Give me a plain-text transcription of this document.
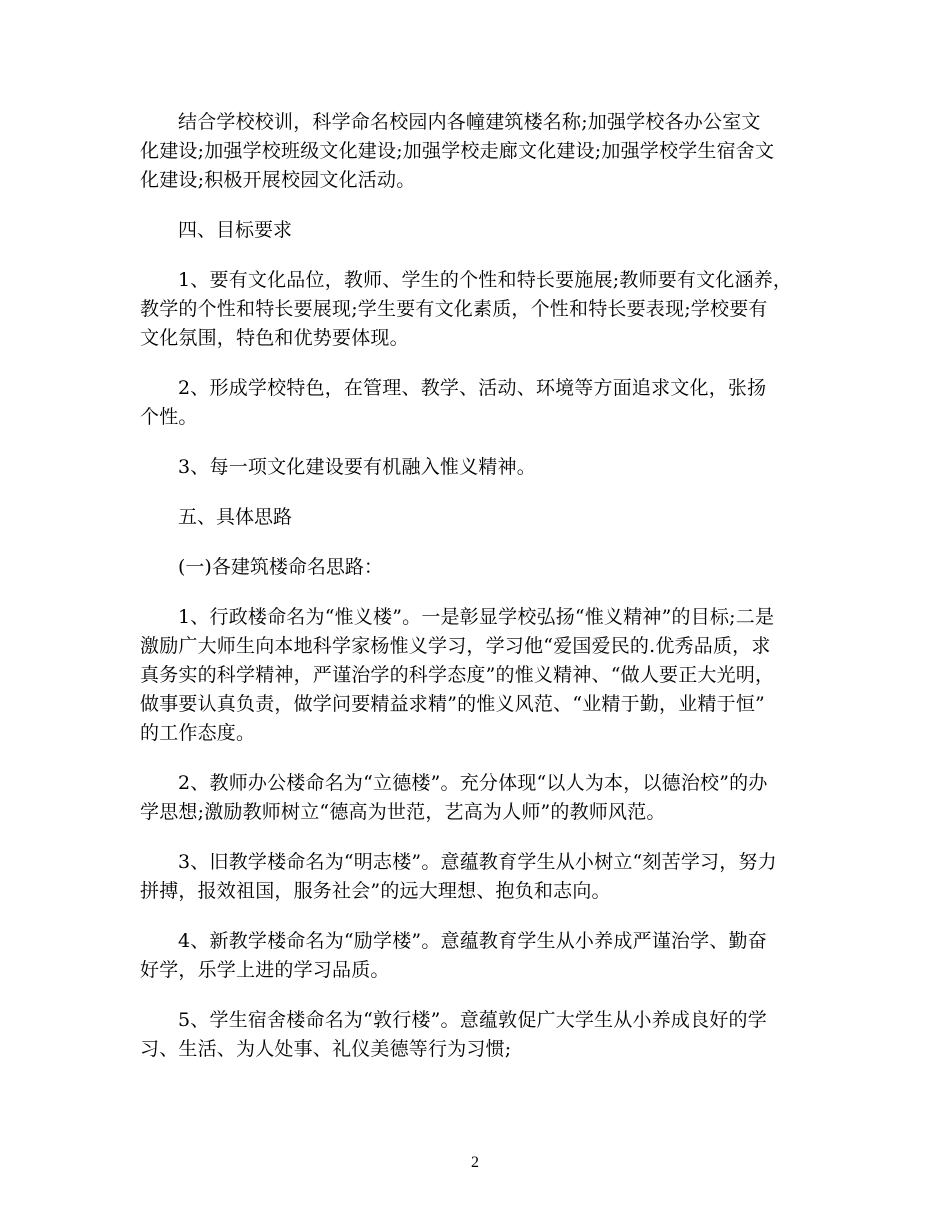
结合学校校训，科学命名校园内各幢建筑楼名称;加强学校各办公室文
化建设;加强学校班级文化建设;加强学校走廊文化建设;加强学校学生宿舍文
化建设;积极开展校园文化活动。

四、目标要求

1、要有文化品位，教师、学生的个性和特长要施展;教师要有文化涵养，
教学的个性和特长要展现;学生要有文化素质，个性和特长要表现;学校要有
文化氛围，特色和优势要体现。

2、形成学校特色，在管理、教学、活动、环境等方面追求文化，张扬
个性。

3、每一项文化建设要有机融入惟义精神。

五、具体思路

(一)各建筑楼命名思路：

1、行政楼命名为“惟义楼”。一是彰显学校弘扬“惟义精神”的目标;二是
激励广大师生向本地科学家杨惟义学习，学习他“爱国爱民的.优秀品质，求
真务实的科学精神，严谨治学的科学态度”的惟义精神、“做人要正大光明，
做事要认真负责，做学问要精益求精”的惟义风范、“业精于勤，业精于恒”
的工作态度。

2、教师办公楼命名为“立德楼”。充分体现“以人为本，以德治校”的办
学思想;激励教师树立“德高为世范，艺高为人师”的教师风范。

3、旧教学楼命名为“明志楼”。意蕴教育学生从小树立“刻苦学习，努力
拼搏，报效祖国，服务社会”的远大理想、抱负和志向。

4、新教学楼命名为“励学楼”。意蕴教育学生从小养成严谨治学、勤奋
好学，乐学上进的学习品质。

5、学生宿舍楼命名为“敦行楼”。意蕴敦促广大学生从小养成良好的学
习、生活、为人处事、礼仪美德等行为习惯;

2
